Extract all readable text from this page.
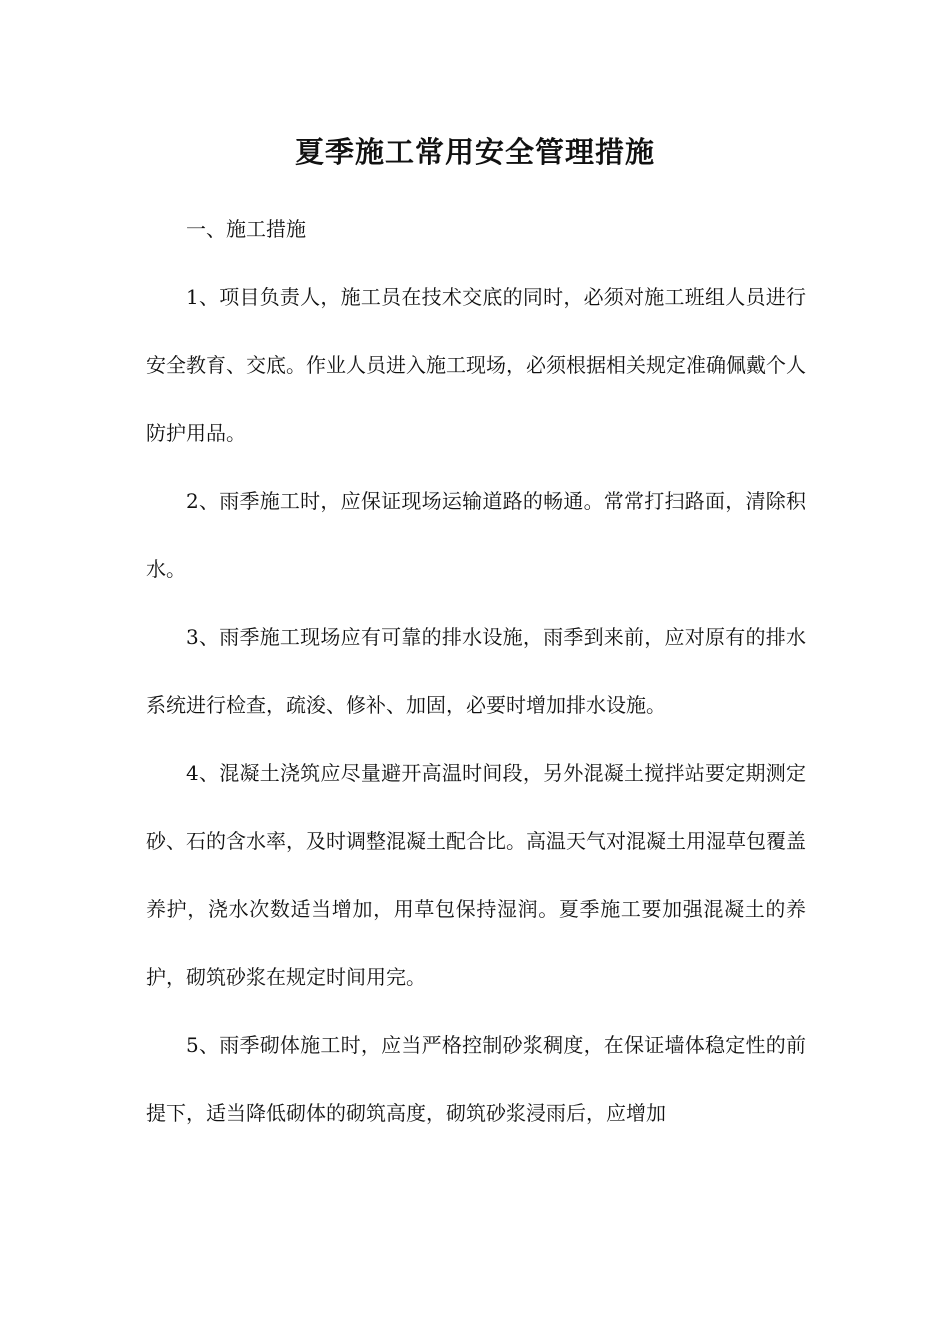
夏季施工常用安全管理措施

一、施工措施

1、项目负责人，施工员在技术交底的同时，必须对施工班组人员进行安全教育、交底。作业人员进入施工现场，必须根据相关规定准确佩戴个人防护用品。

2、雨季施工时，应保证现场运输道路的畅通。常常打扫路面，清除积水。

3、雨季施工现场应有可靠的排水设施，雨季到来前，应对原有的排水系统进行检查，疏浚、修补、加固，必要时增加排水设施。

4、混凝土浇筑应尽量避开高温时间段，另外混凝土搅拌站要定期测定砂、石的含水率，及时调整混凝土配合比。高温天气对混凝土用湿草包覆盖养护，浇水次数适当增加，用草包保持湿润。夏季施工要加强混凝土的养护，砌筑砂浆在规定时间用完。

5、雨季砌体施工时，应当严格控制砂浆稠度，在保证墙体稳定性的前提下，适当降低砌体的砌筑高度，砌筑砂浆浸雨后，应增加
